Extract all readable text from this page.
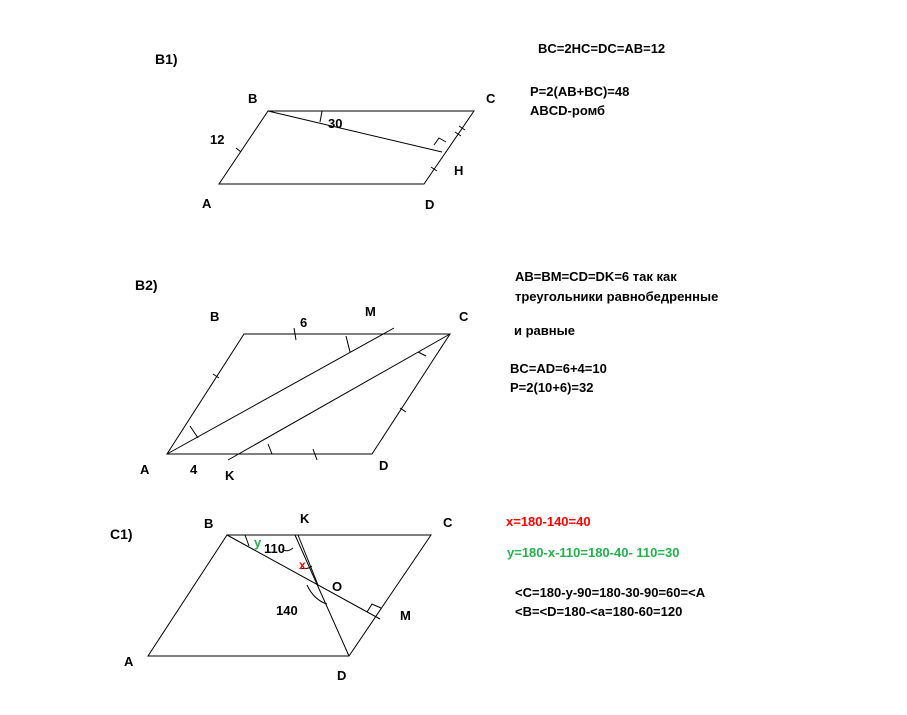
B1)
B	C
A	D
H
12
30
BC=2HC=DC=AB=12
P=2(AB+BC)=48
ABCD-ромб
B2)
B	M	C
A	K
D
6
4
AB=BM=CD=DK=6 так как
треугольники равнобедренные
и равные
BC=AD=6+4=10
P=2(10+6)=32
C1)
B	K	C
A
D
O
M
y 110
x
140
x=180-140=40
y=180-x-110=180-40- 110=30
<C=180-y-90=180-30-90=60=<A
<B=<D=180-<a=180-60=120
